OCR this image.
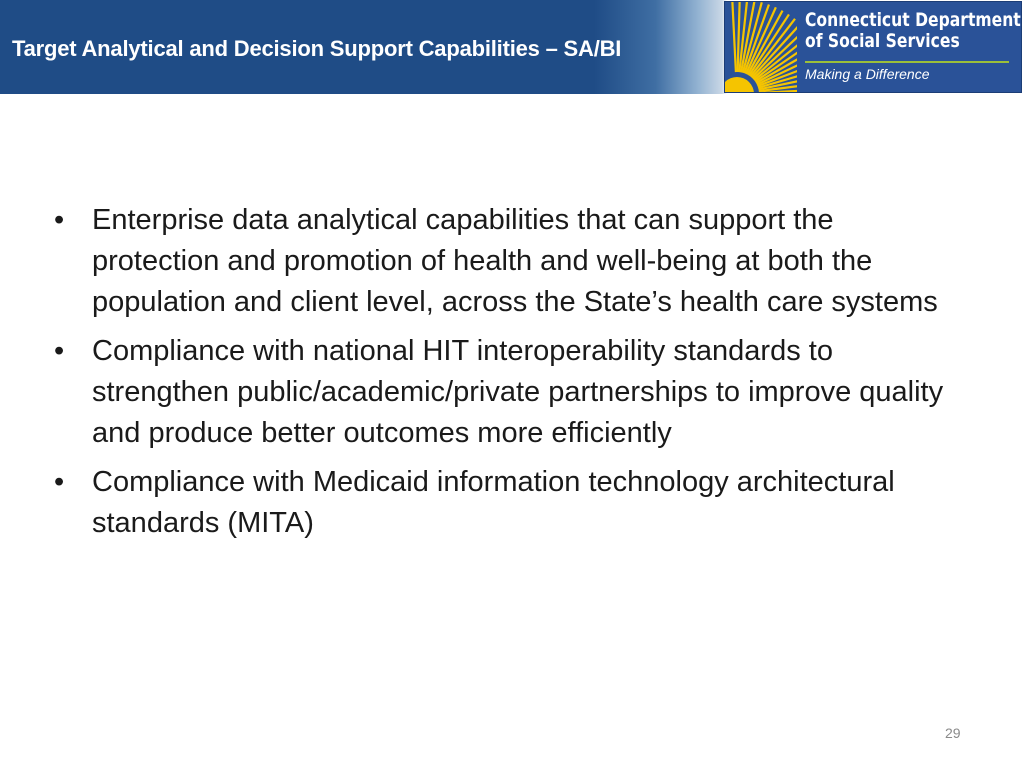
Target Analytical and Decision Support Capabilities – SA/BI
Connecticut Department
of Social Services
Making a Difference
• Enterprise data analytical capabilities that can support the protection and promotion of health and well-being at both the population and client level, across the State’s health care systems
• Compliance with national HIT interoperability standards to strengthen public/academic/private partnerships to improve quality and produce better outcomes more efficiently
• Compliance with Medicaid information technology architectural standards (MITA)
29
